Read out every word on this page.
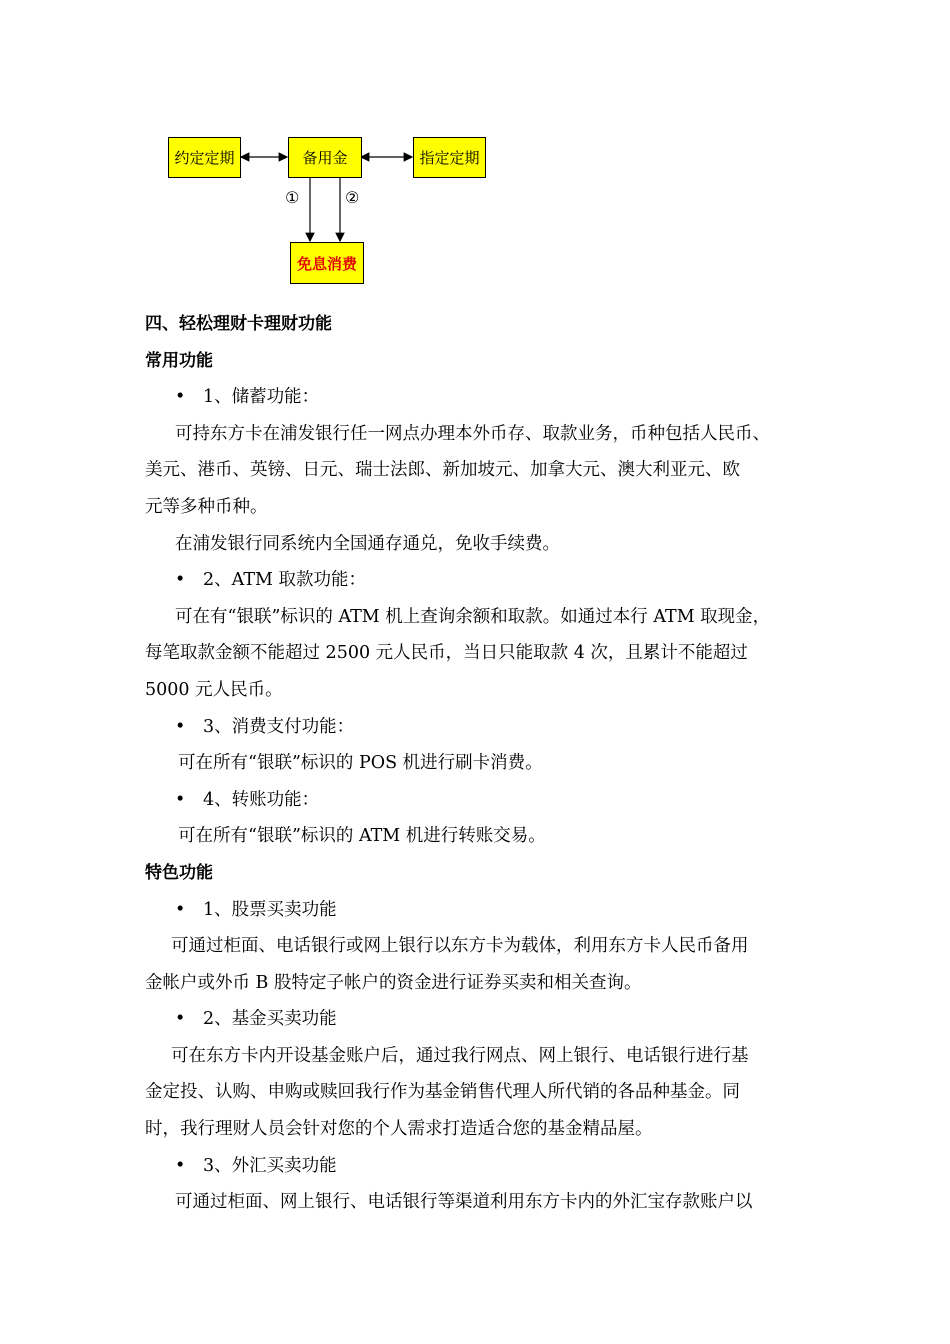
约定定期	备用金	指定定期
免息消费
①	②
四、轻松理财卡理财功能
常用功能
• 1、储蓄功能：
可持东方卡在浦发银行任一网点办理本外币存、取款业务，币种包括人民币、
美元、港币、英镑、日元、瑞士法郎、新加坡元、加拿大元、澳大利亚元、欧
元等多种币种。
在浦发银行同系统内全国通存通兑，免收手续费。
• 2、ATM 取款功能：
可在有“银联”标识的 ATM 机上查询余额和取款。如通过本行 ATM 取现金，
每笔取款金额不能超过 2500 元人民币，当日只能取款 4 次，且累计不能超过
5000 元人民币。
• 3、消费支付功能：
可在所有“银联”标识的 POS 机进行刷卡消费。
• 4、转账功能：
可在所有“银联”标识的 ATM 机进行转账交易。
特色功能
• 1、股票买卖功能
可通过柜面、电话银行或网上银行以东方卡为载体，利用东方卡人民币备用
金帐户或外币 B 股特定子帐户的资金进行证券买卖和相关查询。
• 2、基金买卖功能
可在东方卡内开设基金账户后，通过我行网点、网上银行、电话银行进行基
金定投、认购、申购或赎回我行作为基金销售代理人所代销的各品种基金。同
时，我行理财人员会针对您的个人需求打造适合您的基金精品屋。
• 3、外汇买卖功能
可通过柜面、网上银行、电话银行等渠道利用东方卡内的外汇宝存款账户以
